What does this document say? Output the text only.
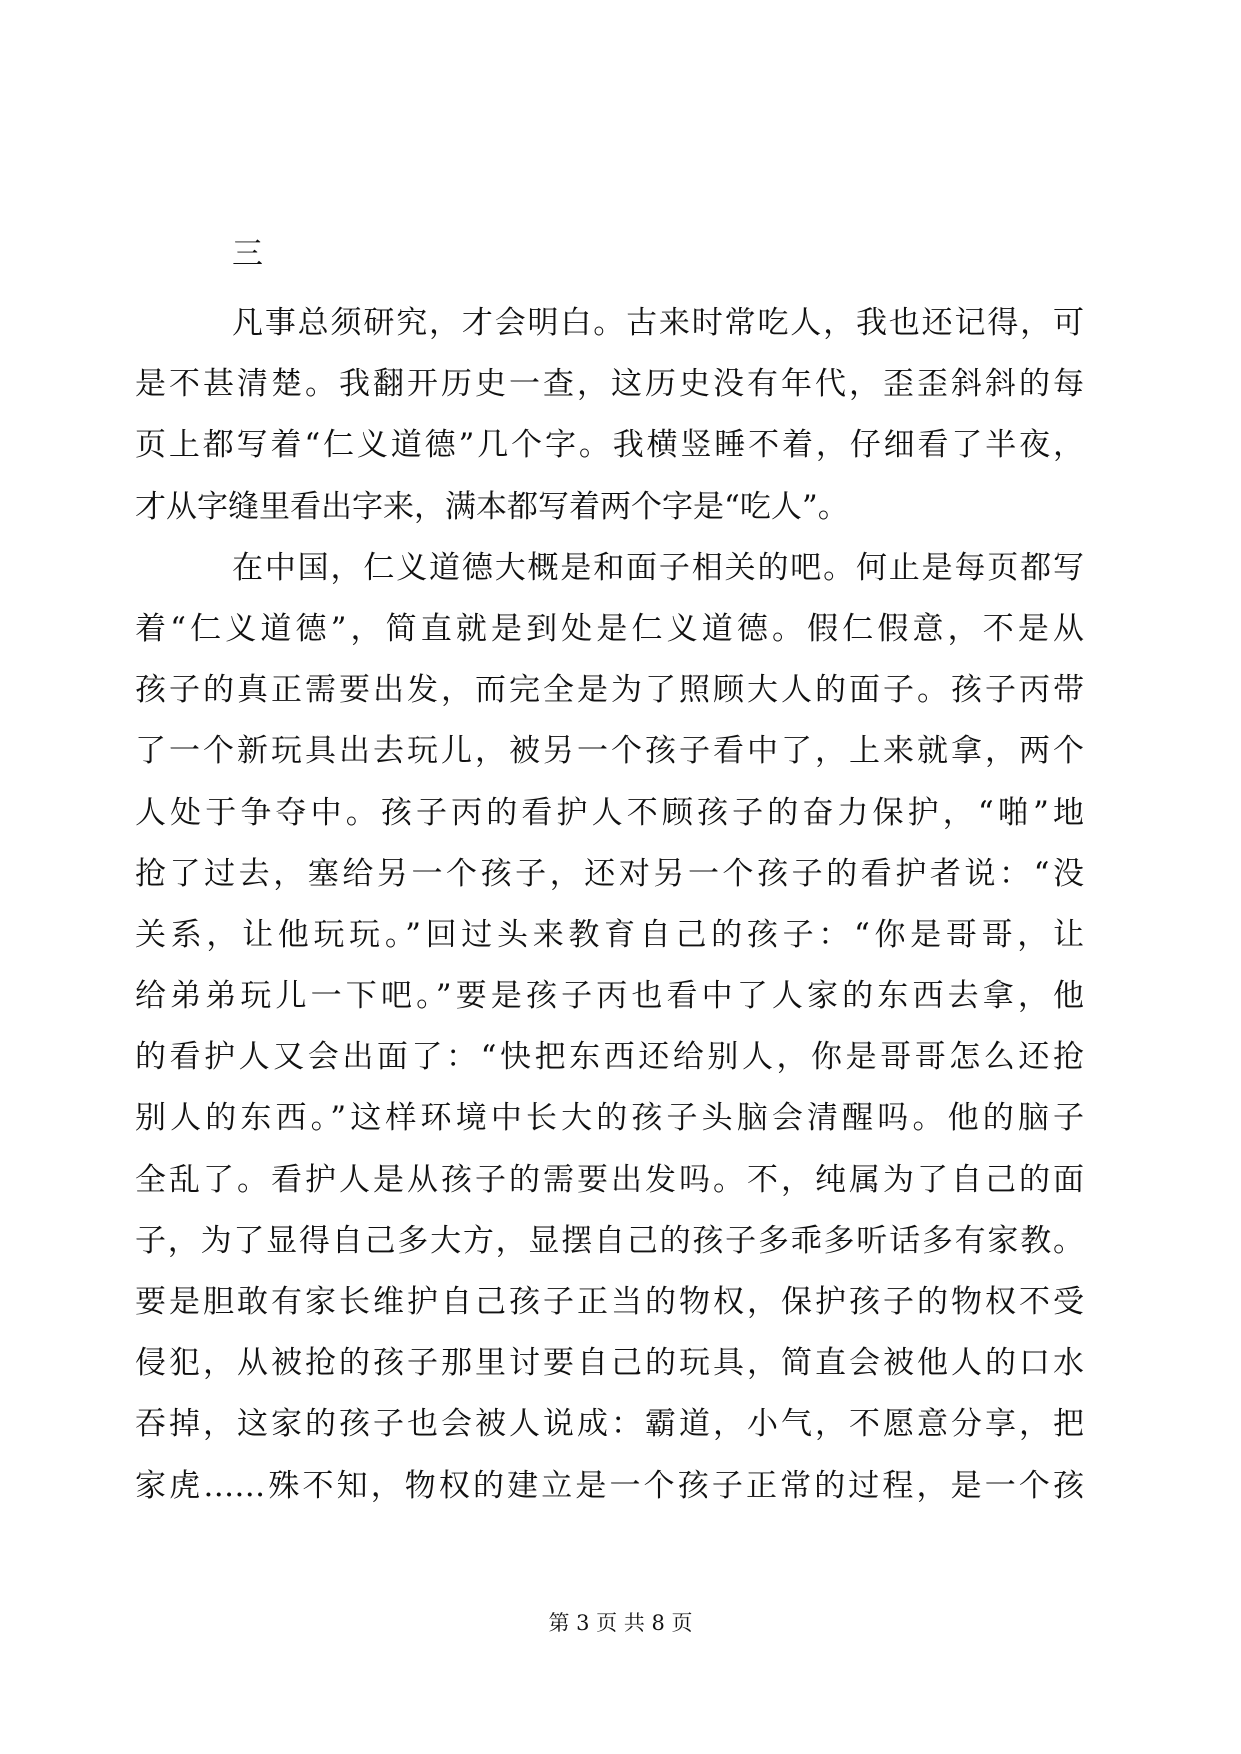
三
凡事总须研究，才会明白。古来时常吃人，我也还记得，可
是不甚清楚。我翻开历史一查，这历史没有年代，歪歪斜斜的每
页上都写着“仁义道德”几个字。我横竖睡不着，仔细看了半夜，
才从字缝里看出字来，满本都写着两个字是“吃人”。
在中国，仁义道德大概是和面子相关的吧。何止是每页都写
着“仁义道德”，简直就是到处是仁义道德。假仁假意，不是从
孩子的真正需要出发，而完全是为了照顾大人的面子。孩子丙带
了一个新玩具出去玩儿，被另一个孩子看中了，上来就拿，两个
人处于争夺中。孩子丙的看护人不顾孩子的奋力保护，“啪”地
抢了过去，塞给另一个孩子，还对另一个孩子的看护者说：“没
关系，让他玩玩。”回过头来教育自己的孩子：“你是哥哥，让
给弟弟玩儿一下吧。”要是孩子丙也看中了人家的东西去拿，他
的看护人又会出面了：“快把东西还给别人，你是哥哥怎么还抢
别人的东西。”这样环境中长大的孩子头脑会清醒吗。他的脑子
全乱了。看护人是从孩子的需要出发吗。不，纯属为了自己的面
子，为了显得自己多大方，显摆自己的孩子多乖多听话多有家教。
要是胆敢有家长维护自己孩子正当的物权，保护孩子的物权不受
侵犯，从被抢的孩子那里讨要自己的玩具，简直会被他人的口水
吞掉，这家的孩子也会被人说成：霸道，小气，不愿意分享，把
家虎……殊不知，物权的建立是一个孩子正常的过程，是一个孩
第 3 页 共 8 页
